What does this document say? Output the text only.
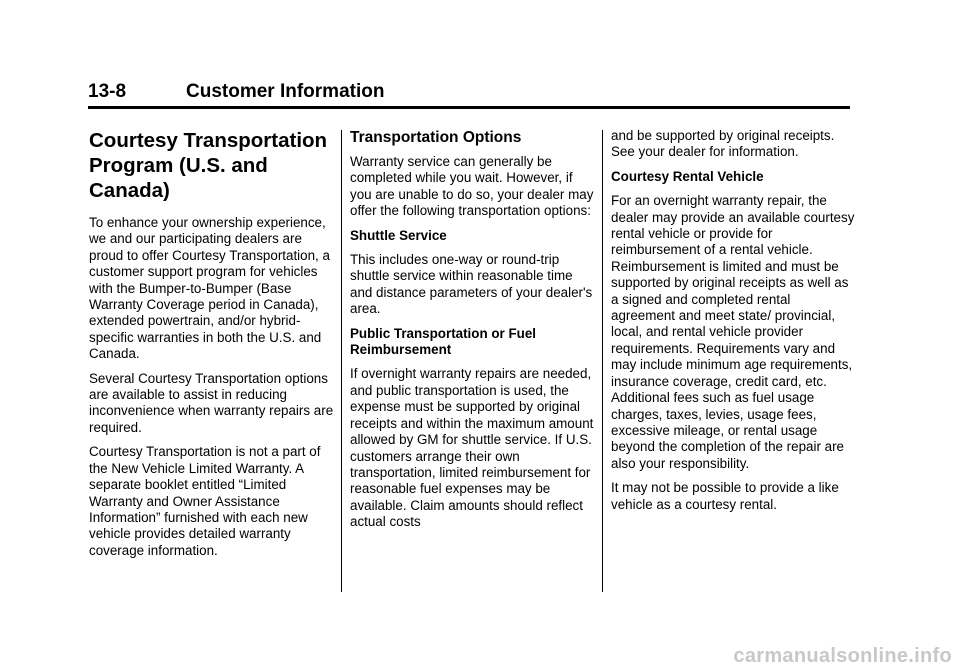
13-8	Customer Information
Courtesy Transportation Program (U.S. and Canada)

To enhance your ownership experience, we and our participating dealers are proud to offer Courtesy Transportation, a customer support program for vehicles with the Bumper-to-Bumper (Base Warranty Coverage period in Canada), extended powertrain, and/or hybrid-specific warranties in both the U.S. and Canada.

Several Courtesy Transportation options are available to assist in reducing inconvenience when warranty repairs are required.

Courtesy Transportation is not a part of the New Vehicle Limited Warranty. A separate booklet entitled “Limited Warranty and Owner Assistance Information” furnished with each new vehicle provides detailed warranty coverage information.

Transportation Options

Warranty service can generally be completed while you wait. However, if you are unable to do so, your dealer may offer the following transportation options:

Shuttle Service

This includes one-way or round-trip shuttle service within reasonable time and distance parameters of your dealer's area.

Public Transportation or Fuel Reimbursement

If overnight warranty repairs are needed, and public transportation is used, the expense must be supported by original receipts and within the maximum amount allowed by GM for shuttle service. If U.S. customers arrange their own transportation, limited reimbursement for reasonable fuel expenses may be available. Claim amounts should reflect actual costs

and be supported by original receipts. See your dealer for information.

Courtesy Rental Vehicle

For an overnight warranty repair, the dealer may provide an available courtesy rental vehicle or provide for reimbursement of a rental vehicle. Reimbursement is limited and must be supported by original receipts as well as a signed and completed rental agreement and meet state/ provincial, local, and rental vehicle provider requirements. Requirements vary and may include minimum age requirements, insurance coverage, credit card, etc. Additional fees such as fuel usage charges, taxes, levies, usage fees, excessive mileage, or rental usage beyond the completion of the repair are also your responsibility.

It may not be possible to provide a like vehicle as a courtesy rental.

carmanualsonline.info
